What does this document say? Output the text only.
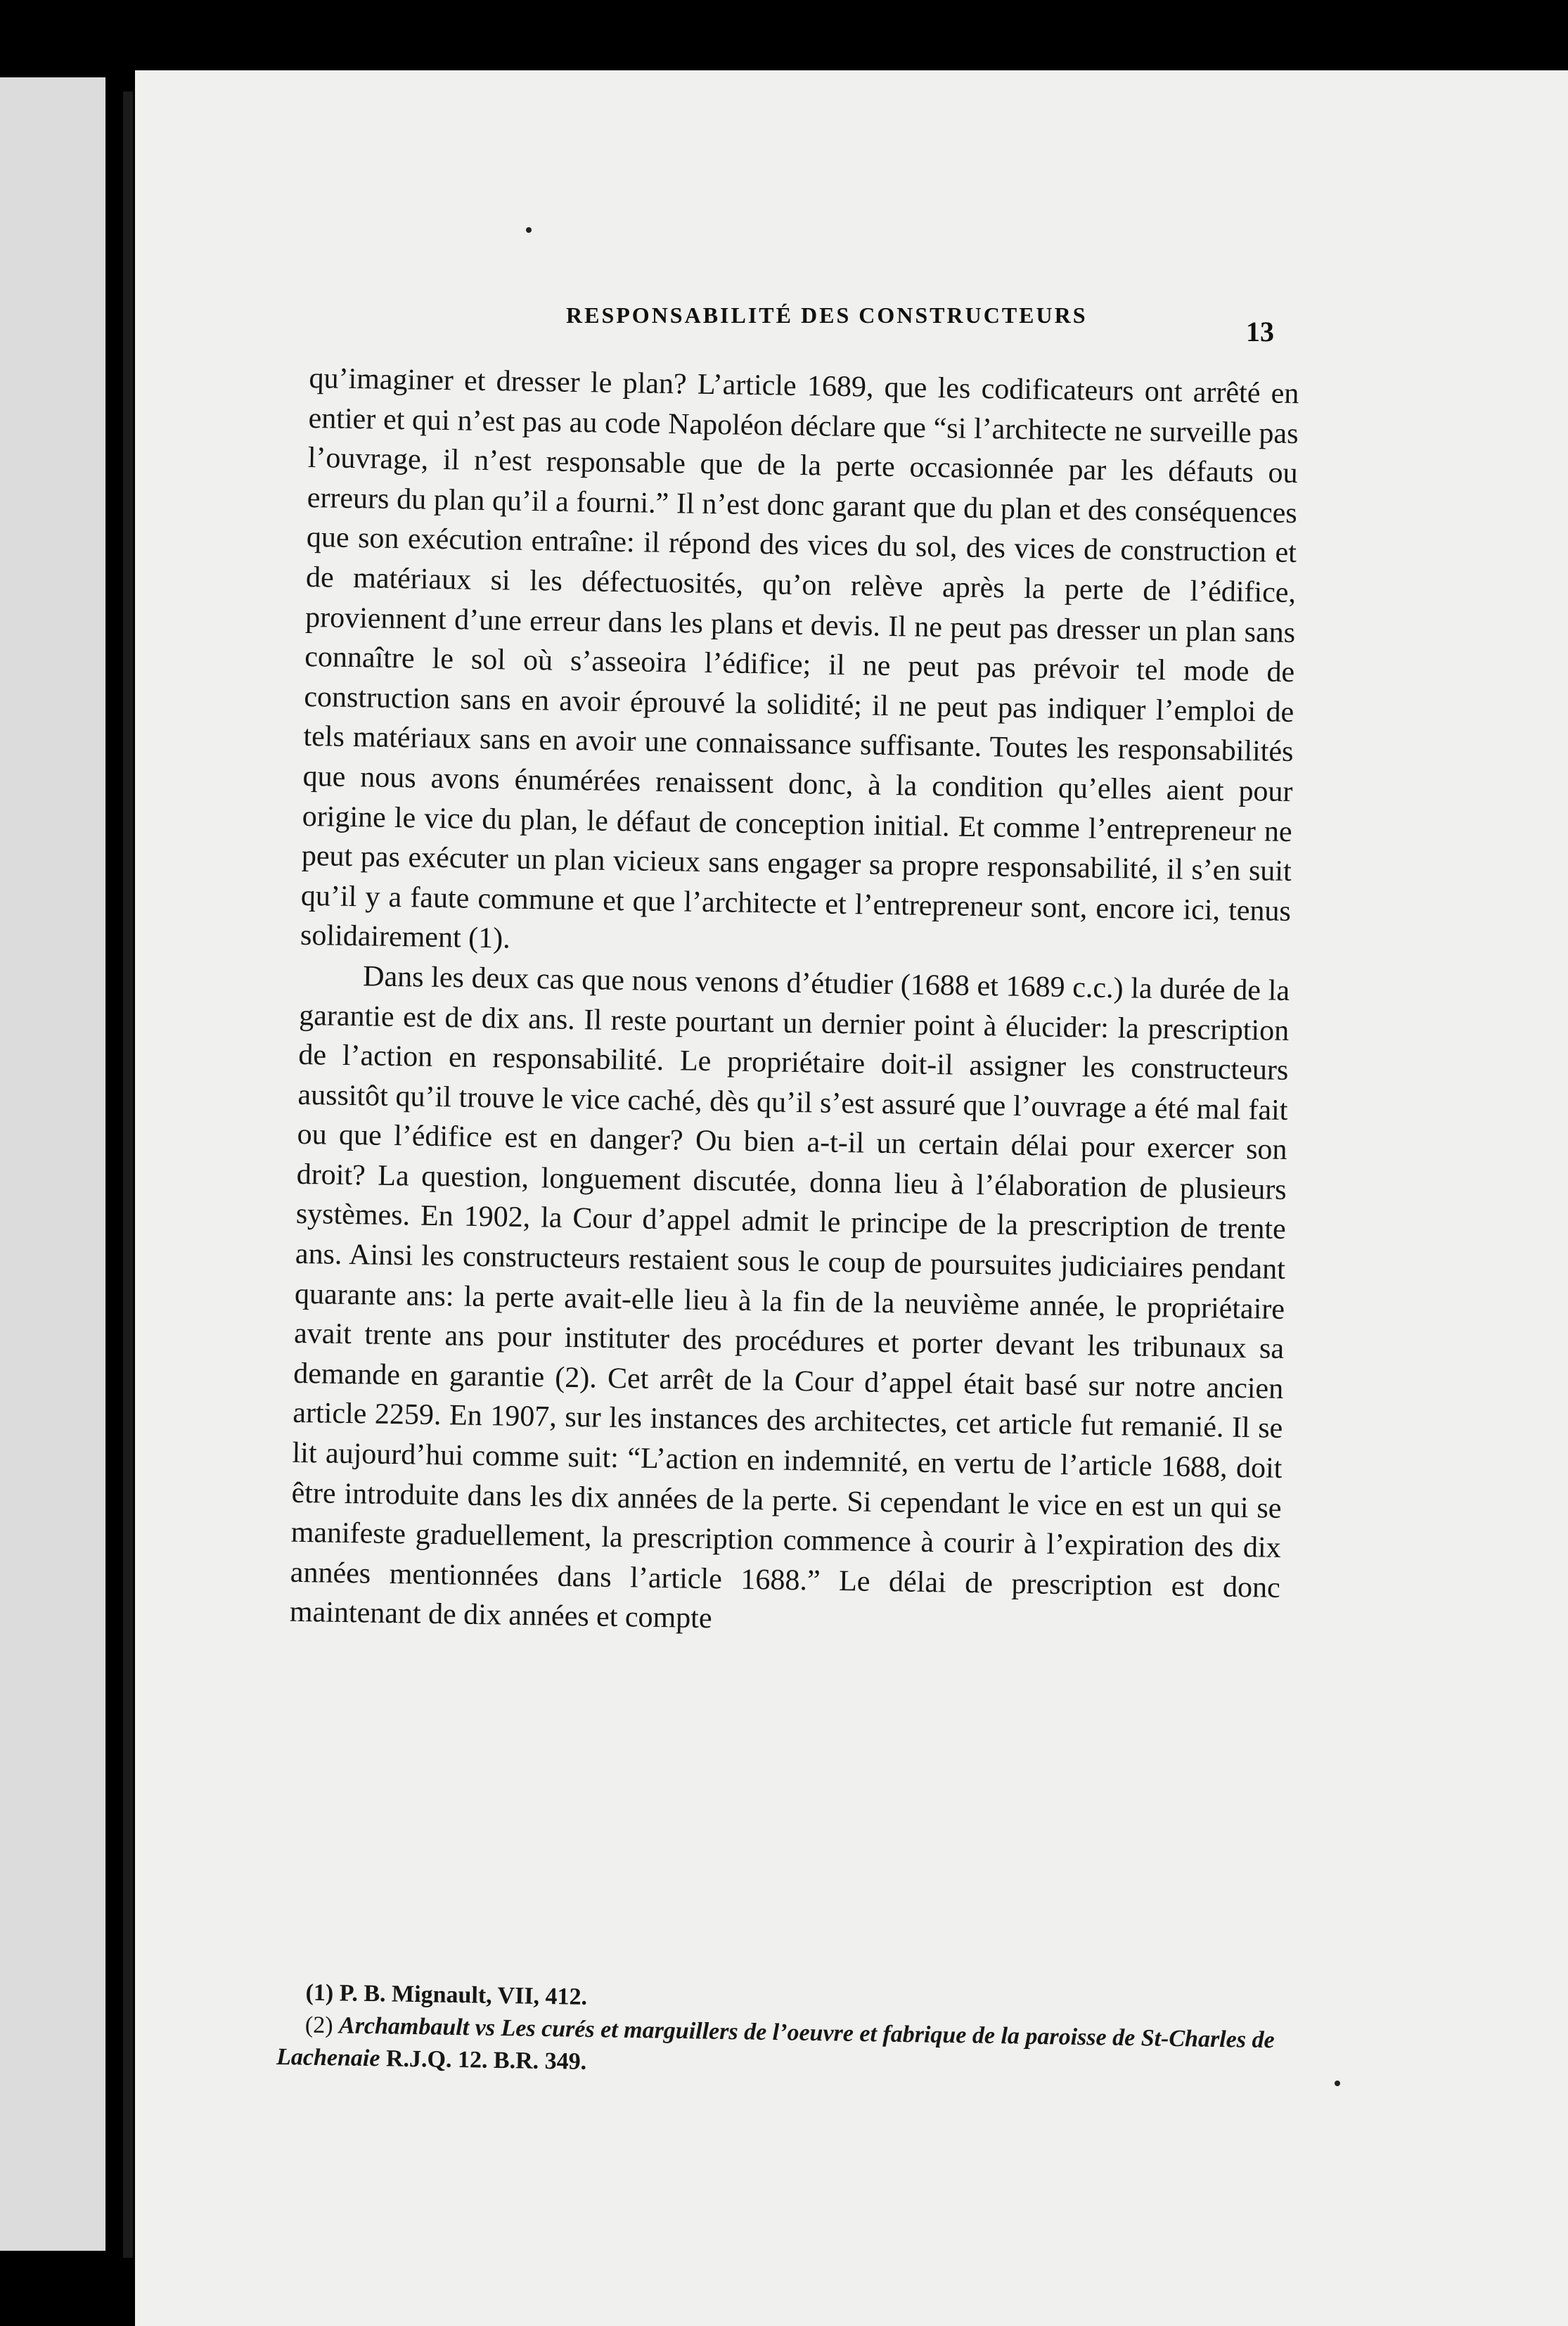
RESPONSABILITÉ DES CONSTRUCTEURS
13

qu’imaginer et dresser le plan? L’article 1689, que les codificateurs ont arrêté en entier et qui n’est pas au code Napoléon déclare que “si l’architecte ne surveille pas l’ouvrage, il n’est responsable que de la perte occasionnée par les défauts ou erreurs du plan qu’il a fourni.” Il n’est donc garant que du plan et des conséquences que son exécution entraîne: il répond des vices du sol, des vices de construction et de matériaux si les défectuosités, qu’on relève après la perte de l’édifice, proviennent d’une erreur dans les plans et devis. Il ne peut pas dresser un plan sans connaître le sol où s’asseoira l’édifice; il ne peut pas prévoir tel mode de construction sans en avoir éprouvé la solidité; il ne peut pas indiquer l’emploi de tels matériaux sans en avoir une connaissance suffisante. Toutes les responsabilités que nous avons énumérées renaissent donc, à la condition qu’elles aient pour origine le vice du plan, le défaut de conception initial. Et comme l’entrepreneur ne peut pas exécuter un plan vicieux sans engager sa propre responsabilité, il s’en suit qu’il y a faute commune et que l’architecte et l’entrepreneur sont, encore ici, tenus solidairement (1).

Dans les deux cas que nous venons d’étudier (1688 et 1689 c.c.) la durée de la garantie est de dix ans. Il reste pourtant un dernier point à élucider: la prescription de l’action en responsabilité. Le propriétaire doit-il assigner les constructeurs aussitôt qu’il trouve le vice caché, dès qu’il s’est assuré que l’ouvrage a été mal fait ou que l’édifice est en danger? Ou bien a-t-il un certain délai pour exercer son droit? La question, longuement discutée, donna lieu à l’élaboration de plusieurs systèmes. En 1902, la Cour d’appel admit le principe de la prescription de trente ans. Ainsi les constructeurs restaient sous le coup de poursuites judiciaires pendant quarante ans: la perte avait-elle lieu à la fin de la neuvième année, le propriétaire avait trente ans pour instituter des procédures et porter devant les tribunaux sa demande en garantie (2). Cet arrêt de la Cour d’appel était basé sur notre ancien article 2259. En 1907, sur les instances des architectes, cet article fut remanié. Il se lit aujourd’hui comme suit: “L’action en indemnité, en vertu de l’article 1688, doit être introduite dans les dix années de la perte. Si cependant le vice en est un qui se manifeste graduellement, la prescription commence à courir à l’expiration des dix années mentionnées dans l’article 1688.” Le délai de prescription est donc maintenant de dix années et compte

(1) P. B. Mignault, VII, 412.

(2) Archambault vs Les curés et marguillers de l’oeuvre et fabrique de la paroisse de St-Charles de Lachenaie R.J.Q. 12. B.R. 349.
